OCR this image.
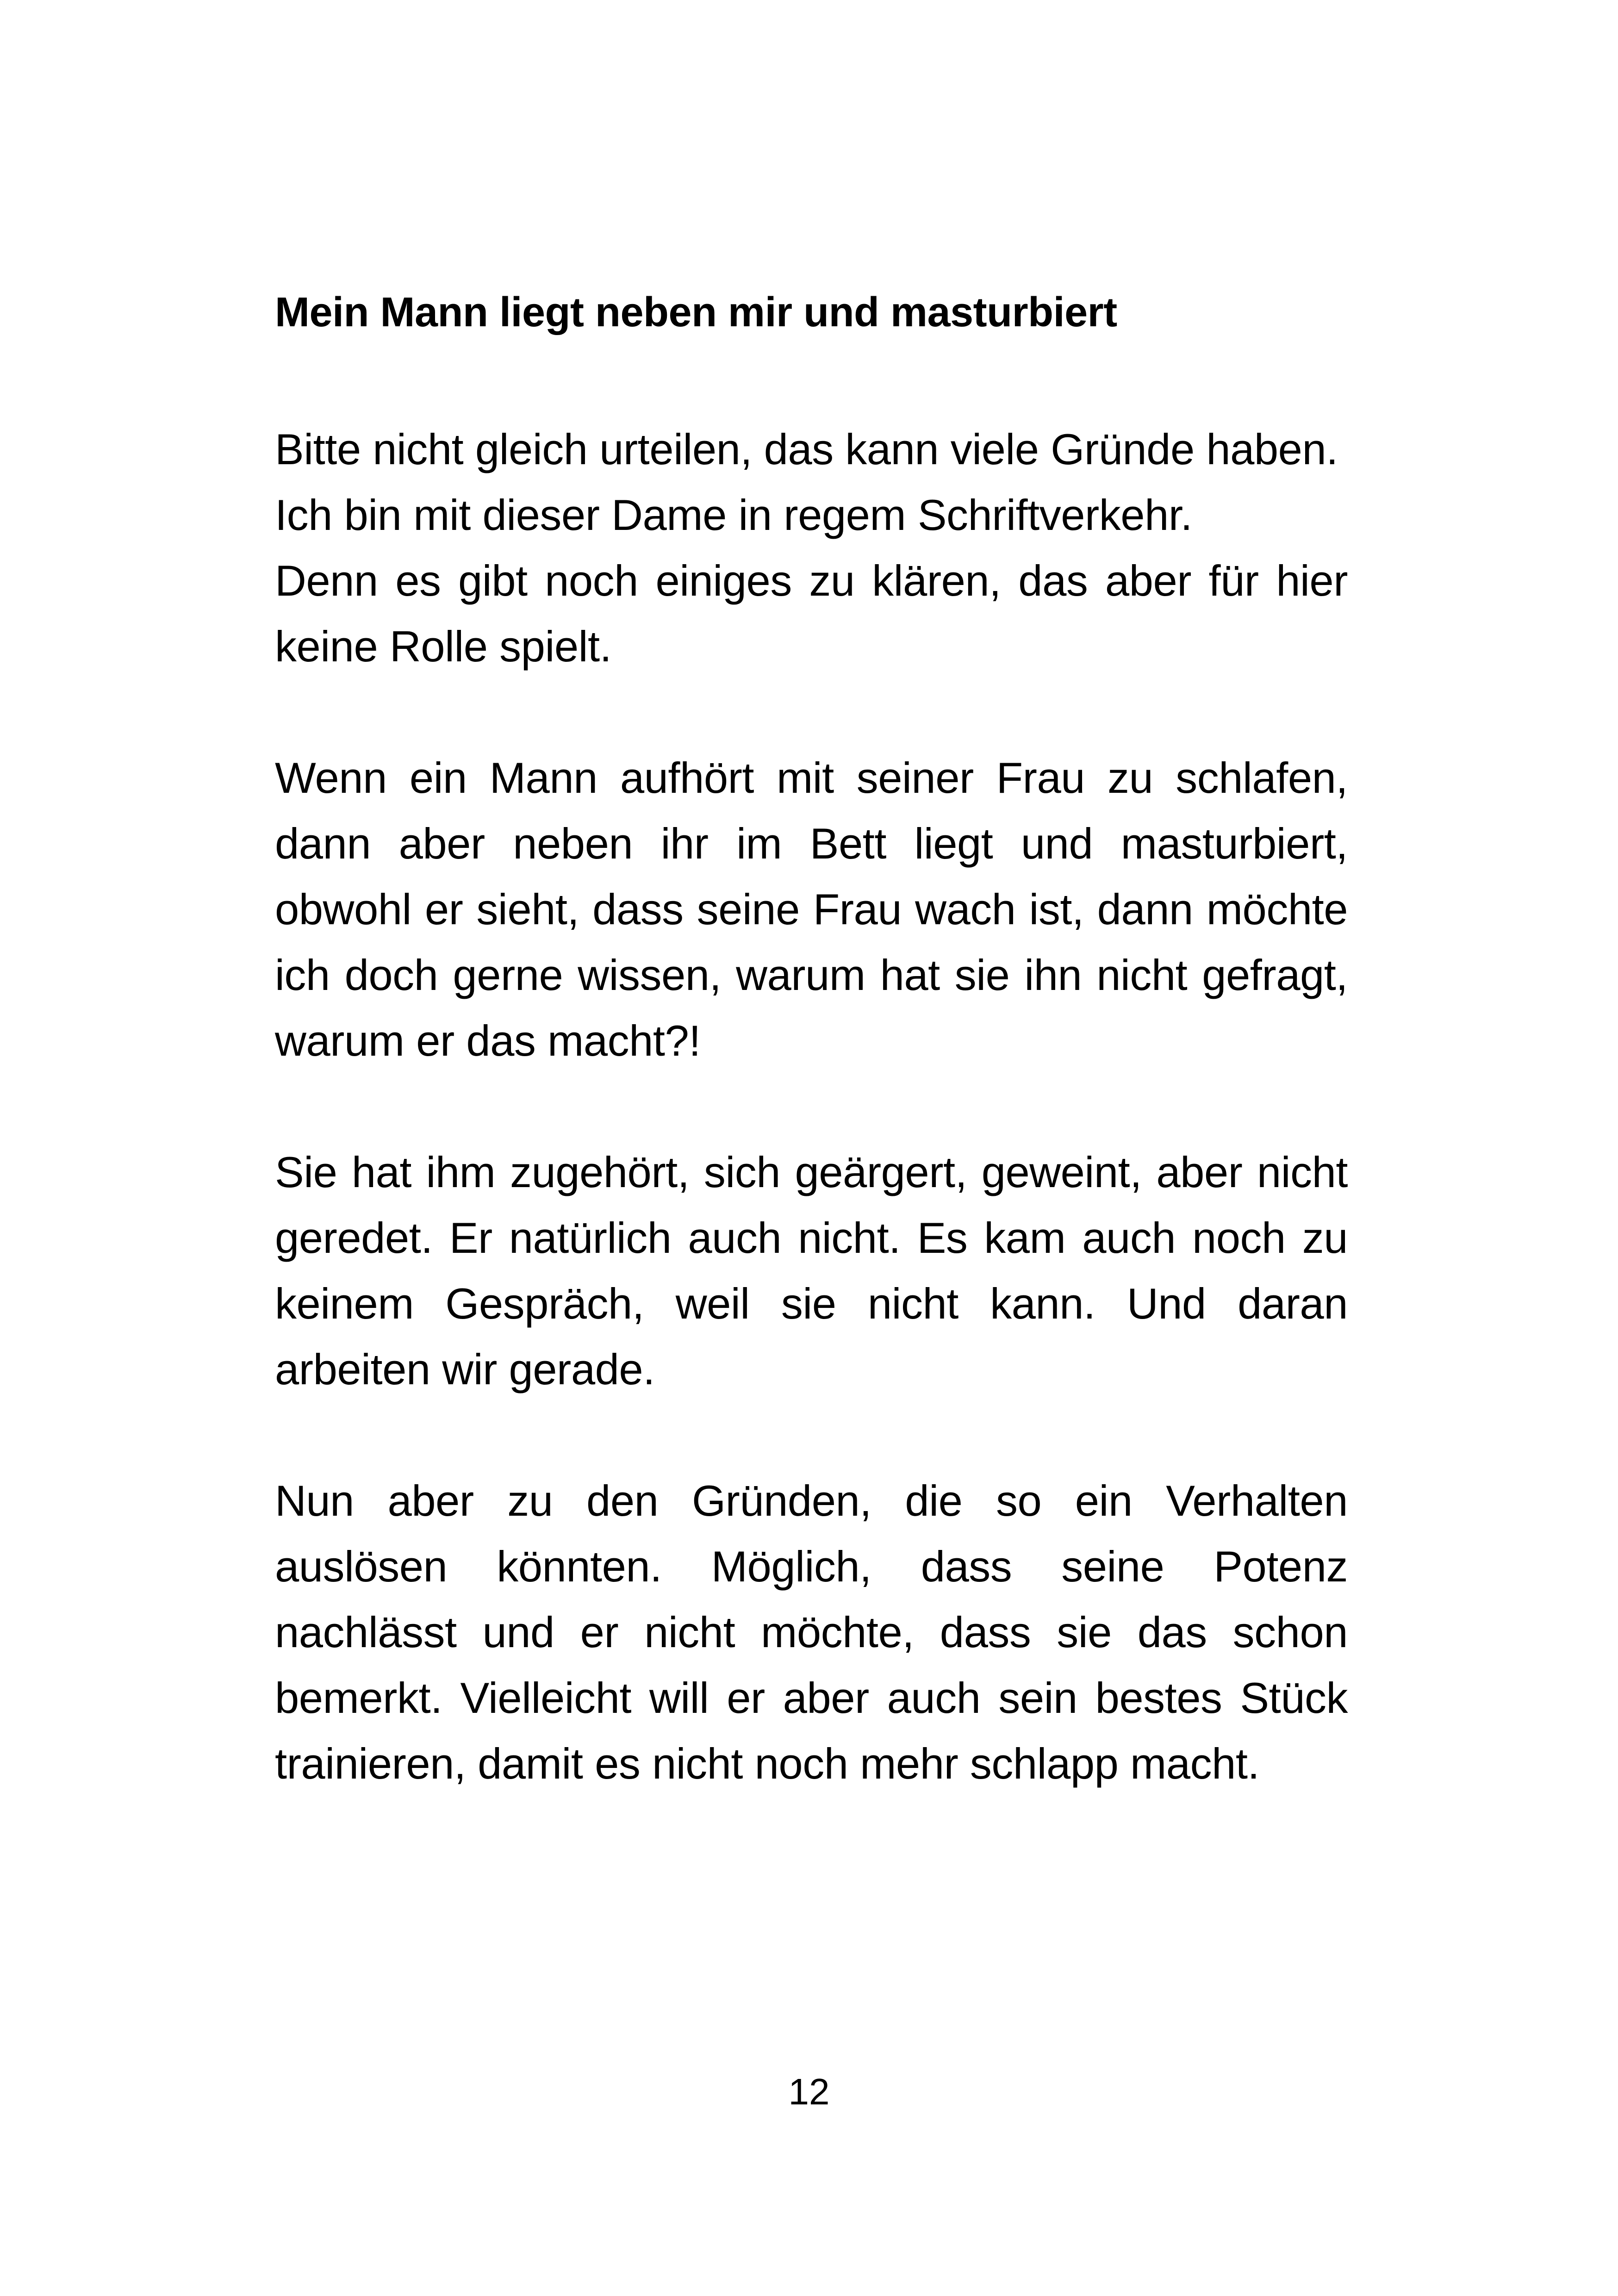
Mein Mann liegt neben mir und masturbiert

Bitte nicht gleich urteilen, das kann viele Gründe haben.
Ich bin mit dieser Dame in regem Schriftverkehr.
Denn es gibt noch einiges zu klären, das aber für hier keine Rolle spielt.

Wenn ein Mann aufhört mit seiner Frau zu schlafen, dann aber neben ihr im Bett liegt und masturbiert, obwohl er sieht, dass seine Frau wach ist, dann möchte ich doch gerne wissen, warum hat sie ihn nicht gefragt, warum er das macht?!

Sie hat ihm zugehört, sich geärgert, geweint, aber nicht geredet. Er natürlich auch nicht. Es kam auch noch zu keinem Gespräch, weil sie nicht kann. Und daran arbeiten wir gerade.

Nun aber zu den Gründen, die so ein Verhalten auslösen könnten. Möglich, dass seine Potenz nachlässt und er nicht möchte, dass sie das schon bemerkt. Vielleicht will er aber auch sein bestes Stück trainieren, damit es nicht noch mehr schlapp macht.

12
